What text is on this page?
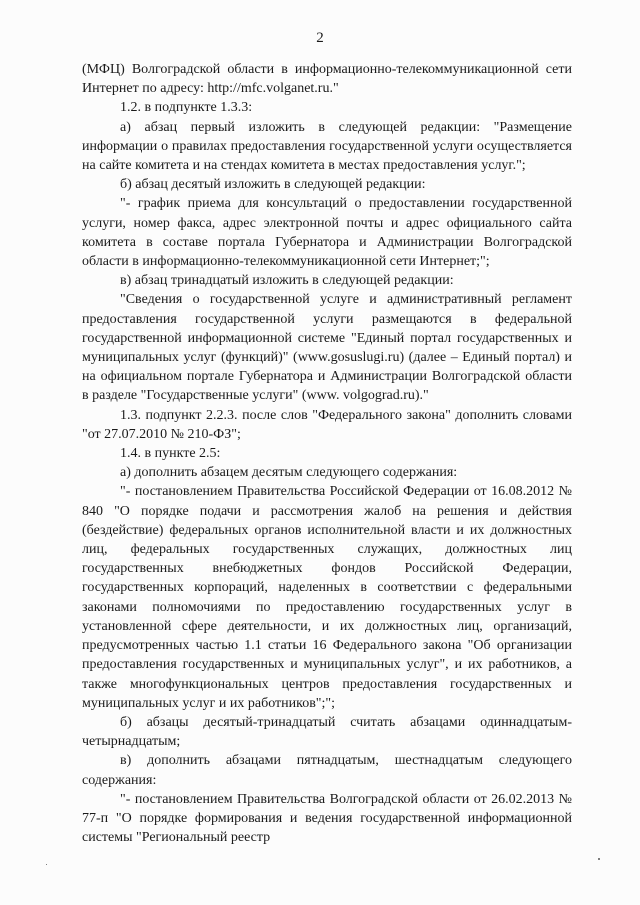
2

(МФЦ) Волгоградской области в информационно-телекоммуникационной сети Интернет по адресу: http://mfc.volganet.ru."

1.2. в подпункте 1.3.3:

а) абзац первый изложить в следующей редакции: "Размещение информации о правилах предоставления государственной услуги осуществляется на сайте комитета и на стендах комитета в местах предоставления услуг.";

б) абзац десятый изложить в следующей редакции:

"- график приема для консультаций о предоставлении государственной услуги, номер факса, адрес электронной почты и адрес официального сайта комитета в составе портала Губернатора и Администрации Волгоградской области в информационно-телекоммуникационной сети Интернет;";

в) абзац тринадцатый изложить в следующей редакции:

"Сведения о государственной услуге и административный регламент предоставления государственной услуги размещаются в федеральной государственной информационной системе "Единый портал государственных и муниципальных услуг (функций)" (www.gosuslugi.ru) (далее – Единый портал) и на официальном портале Губернатора и Администрации Волгоградской области в разделе "Государственные услуги" (www. volgograd.ru)."

1.3. подпункт 2.2.3. после слов "Федерального закона" дополнить словами "от 27.07.2010 № 210-ФЗ";

1.4. в пункте 2.5:

а) дополнить абзацем десятым следующего содержания:

"- постановлением Правительства Российской Федерации от 16.08.2012 № 840 "О порядке подачи и рассмотрения жалоб на решения и действия (бездействие) федеральных органов исполнительной власти и их должностных лиц, федеральных государственных служащих, должностных лиц государственных внебюджетных фондов Российской Федерации, государственных корпораций, наделенных в соответствии с федеральными законами полномочиями по предоставлению государственных услуг в установленной сфере деятельности, и их должностных лиц, организаций, предусмотренных частью 1.1 статьи 16 Федерального закона "Об организации предоставления государственных и муниципальных услуг", и их работников, а также многофункциональных центров предоставления государственных и муниципальных услуг и их работников";";

б) абзацы десятый-тринадцатый считать абзацами одиннадцатым-четырнадцатым;

в) дополнить абзацами пятнадцатым, шестнадцатым следующего содержания:

"- постановлением Правительства Волгоградской области от 26.02.2013 № 77-п "О порядке формирования и ведения государственной информационной системы "Региональный реестр
